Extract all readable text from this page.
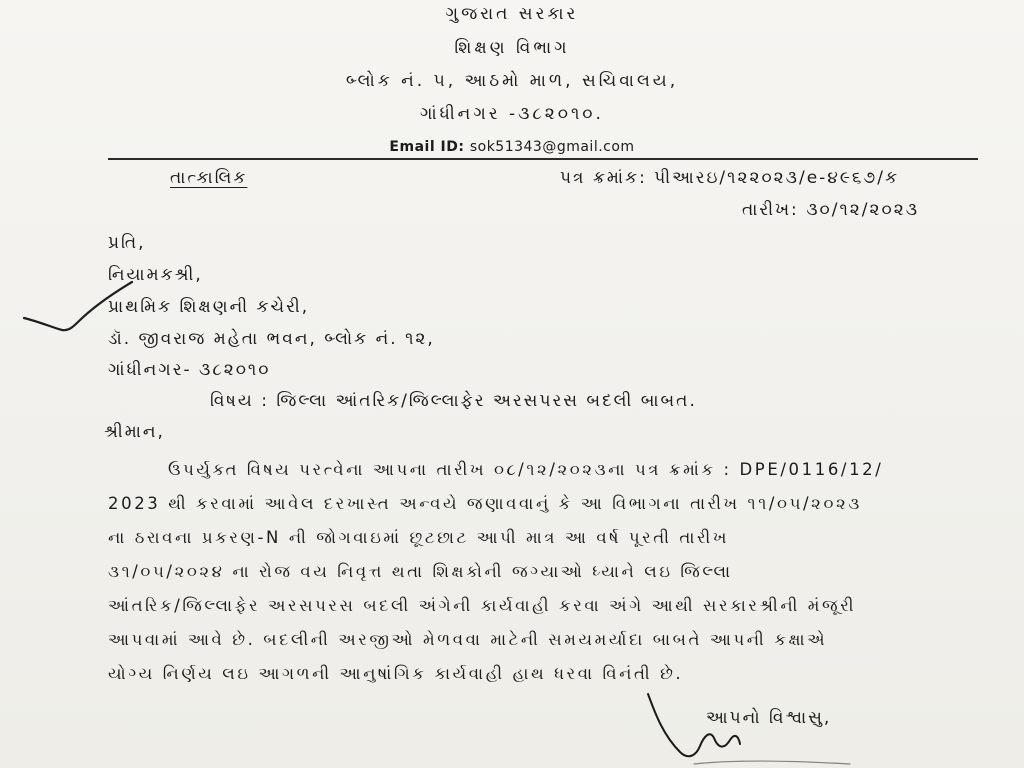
ગુજરાત સરકાર
શિક્ષણ વિભાગ
બ્લોક નં. ૫, આઠમો માળ, સચિવાલય,
ગાંધીનગર -૩૮૨૦૧૦.
Email ID: sok51343@gmail.com
તાત્કાલિક	પત્ર ક્રમાંક: પીઆરઇ/૧૨૨૦૨૩/e-૪૯૬૭/ક
તારીખ: ૩૦/૧૨/૨૦૨૩
પ્રતિ,
નિયામકશ્રી,
પ્રાથમિક શિક્ષણની કચેરી,
ડૉ. જીવરાજ મહેતા ભવન, બ્લોક નં. ૧૨,
ગાંધીનગર- ૩૮૨૦૧૦
વિષય : જિલ્લા આંતરિક/જિલ્લાફેર અરસપરસ બદલી બાબત.
શ્રીમાન,
ઉપર્યુક્ત વિષય પરત્વેના આપના તારીખ ૦૮/૧૨/૨૦૨૩ના પત્ર ક્રમાંક : DPE/0116/12/
2023 થી કરવામાં આવેલ દરખાસ્ત અન્વયે જણાવવાનું કે આ વિભાગના તારીખ ૧૧/૦૫/૨૦૨૩
ના ઠરાવના પ્રકરણ-N ની જોગવાઇમાં છૂટછાટ આપી માત્ર આ વર્ષ પૂરતી તારીખ
૩૧/૦૫/૨૦૨૪ ના રોજ વય નિવૃત્ત થતા શિક્ષકોની જગ્યાઓ ધ્યાને લઇ જિલ્લા
આંતરિક/જિલ્લાફેર અરસપરસ બદલી અંગેની કાર્યવાહી કરવા અંગે આથી સરકારશ્રીની મંજૂરી
આપવામાં આવે છે. બદલીની અરજીઓ મેળવવા માટેની સમયમર્યાદા બાબતે આપની કક્ષાએ
યોગ્ય નિર્ણય લઇ આગળની આનુષાંગિક કાર્યવાહી હાથ ધરવા વિનંતી છે.
આપનો વિશ્વાસુ,
